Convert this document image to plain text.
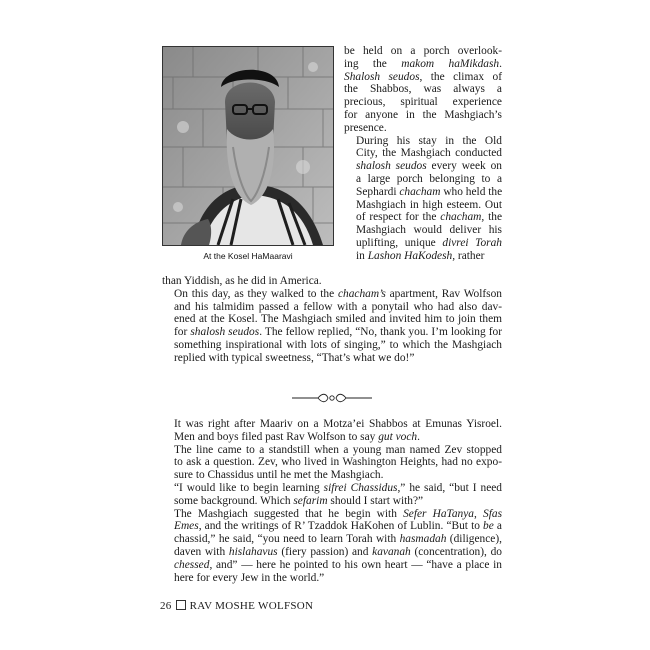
At the Kosel HaMaaravi

be held on a porch overlook-
ing the makom haMikdash.
Shalosh seudos, the climax of
the Shabbos, was always a
precious, spiritual experience
for anyone in the Mashgiach’s
presence.

During his stay in the Old
City, the Mashgiach conducted
shalosh seudos every week on
a large porch belonging to a
Sephardi chacham who held the
Mashgiach in high esteem. Out
of respect for the chacham, the
Mashgiach would deliver his
uplifting, unique divrei Torah
in Lashon HaKodesh, rather

than Yiddish, as he did in America.

On this day, as they walked to the chacham’s apartment, Rav Wolfson
and his talmidim passed a fellow with a ponytail who had also dav-
ened at the Kosel. The Mashgiach smiled and invited him to join them
for shalosh seudos. The fellow replied, “No, thank you. I’m looking for
something inspirational with lots of singing,” to which the Mashgiach
replied with typical sweetness, “That’s what we do!”

It was right after Maariv on a Motza’ei Shabbos at Emunas Yisroel.
Men and boys filed past Rav Wolfson to say gut voch.

The line came to a standstill when a young man named Zev stopped
to ask a question. Zev, who lived in Washington Heights, had no expo-
sure to Chassidus until he met the Mashgiach.

“I would like to begin learning sifrei Chassidus,” he said, “but I need
some background. Which sefarim should I start with?”

The Mashgiach suggested that he begin with Sefer HaTanya, Sfas
Emes, and the writings of R’ Tzaddok HaKohen of Lublin. “But to be a
chassid,” he said, “you need to learn Torah with hasmadah (diligence),
daven with hislahavus (fiery passion) and kavanah (concentration), do
chessed, and” — here he pointed to his own heart — “have a place in
here for every Jew in the world.”

26 RAV MOSHE WOLFSON
